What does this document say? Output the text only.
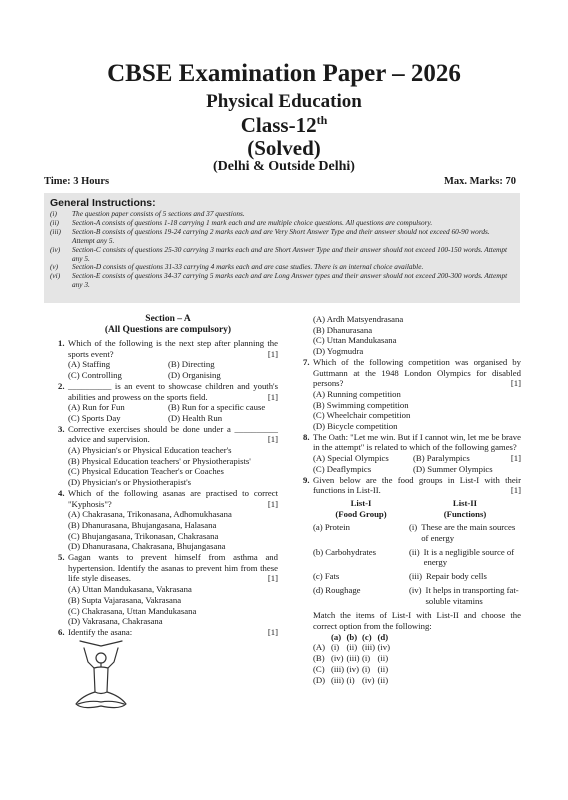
CBSE Examination Paper – 2026
Physical Education
Class-12th
(Solved)
(Delhi & Outside Delhi)
Time: 3 Hours	Max. Marks: 70
General Instructions:
(i) The question paper consists of 5 sections and 37 questions.
(ii) Section-A consists of questions 1-18 carrying 1 mark each and are multiple choice questions. All questions are compulsory.
(iii) Section-B consists of questions 19-24 carrying 2 marks each and are Very Short Answer Type and their answer should not exceed 60-90 words. Attempt any 5.
(iv) Section-C consists of questions 25-30 carrying 3 marks each and are Short Answer Type and their answer should not exceed 100-150 words. Attempt any 5.
(v) Section-D consists of questions 31-33 carrying 4 marks each and are case studies. There is an internal choice available.
(vi) Section-E consists of questions 34-37 carrying 5 marks each and are Long Answer types and their answer should not exceed 200-300 words. Attempt any 3.
Section – A
(All Questions are compulsory)
1. Which of the following is the next step after planning the sports event?	[1]
(A) Staffing	(B) Directing
(C) Controlling	(D) Organising
2. __________ is an event to showcase children and youth's abilities and prowess on the sports field.	[1]
(A) Run for Fun	(B) Run for a specific cause
(C) Sports Day	(D) Health Run
3. Corrective exercises should be done under a __________ advice and supervision.	[1]
(A) Physician's or Physical Education teacher's
(B) Physical Education teachers' or Physiotherapists'
(C) Physical Education Teacher's or Coaches
(D) Physician's or Physiotherapist's
4. Which of the following asanas are practised to correct "Kyphosis"?	[1]
(A) Chakrasana, Trikonasana, Adhomukhasana
(B) Dhanurasana, Bhujangasana, Halasana
(C) Bhujangasana, Trikonasan, Chakrasana
(D) Dhanurasana, Chakrasana, Bhujangasana
5. Gagan wants to prevent himself from asthma and hypertension. Identify the asanas to prevent him from these life style diseases.	[1]
(A) Uttan Mandukasana, Vakrasana
(B) Supta Vajarasana, Vakrasana
(C) Chakrasana, Uttan Mandukasana
(D) Vakrasana, Chakrasana
6. Identify the asana:	[1]
(A) Ardh Matsyendrasana
(B) Dhanurasana
(C) Uttan Mandukasana
(D) Yogmudra
7. Which of the following competition was organised by Guttmann at the 1948 London Olympics for disabled persons?	[1]
(A) Running competition
(B) Swimming competition
(C) Wheelchair competition
(D) Bicycle competition
8. The Oath: "Let me win. But if I cannot win, let me be brave in the attempt" is related to which of the following games?
[1]
(A) Special Olympics	(B) Paralympics
(C) Deaflympics	(D) Summer Olympics
9. Given below are the food groups in List-I with their functions in List-II.	[1]
List-I
(Food Group)
List-II
(Functions)
(a) Protein	(i) These are the main sources of energy
(b) Carbohydrates	(ii) It is a negligible source of energy
(c) Fats	(iii) Repair body cells
(d) Roughage	(iv) It helps in transporting fat-soluble vitamins
Match the items of List-I with List-II and choose the correct option from the following:
(a) (b) (c) (d)
(A) (i) (ii) (iii) (iv)
(B) (iv) (iii) (i) (ii)
(C) (iii) (iv) (i) (ii)
(D) (iii) (i) (iv) (ii)
